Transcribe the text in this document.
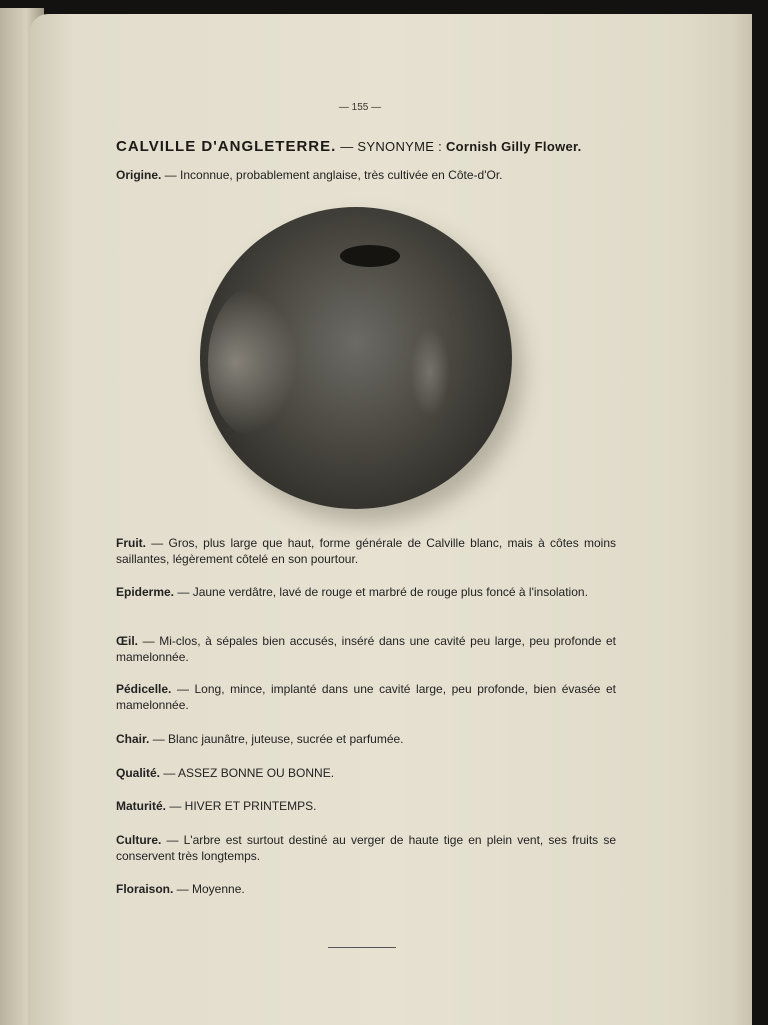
— 155 —
CALVILLE D'ANGLETERRE. — SYNONYME : Cornish Gilly Flower.
Origine. — Inconnue, probablement anglaise, très cultivée en Côte-d'Or.
Fruit. — Gros, plus large que haut, forme générale de Calville blanc, mais à côtes moins saillantes, légèrement côtelé en son pourtour.
Epiderme. — Jaune verdâtre, lavé de rouge et marbré de rouge plus foncé à l'insolation.
Œil. — Mi-clos, à sépales bien accusés, inséré dans une cavité peu large, peu profonde et mamelonnée.
Pédicelle. — Long, mince, implanté dans une cavité large, peu profonde, bien évasée et mamelonnée.
Chair. — Blanc jaunâtre, juteuse, sucrée et parfumée.
Qualité. — ASSEZ BONNE OU BONNE.
Maturité. — HIVER ET PRINTEMPS.
Culture. — L'arbre est surtout destiné au verger de haute tige en plein vent, ses fruits se conservent très longtemps.
Floraison. — Moyenne.
